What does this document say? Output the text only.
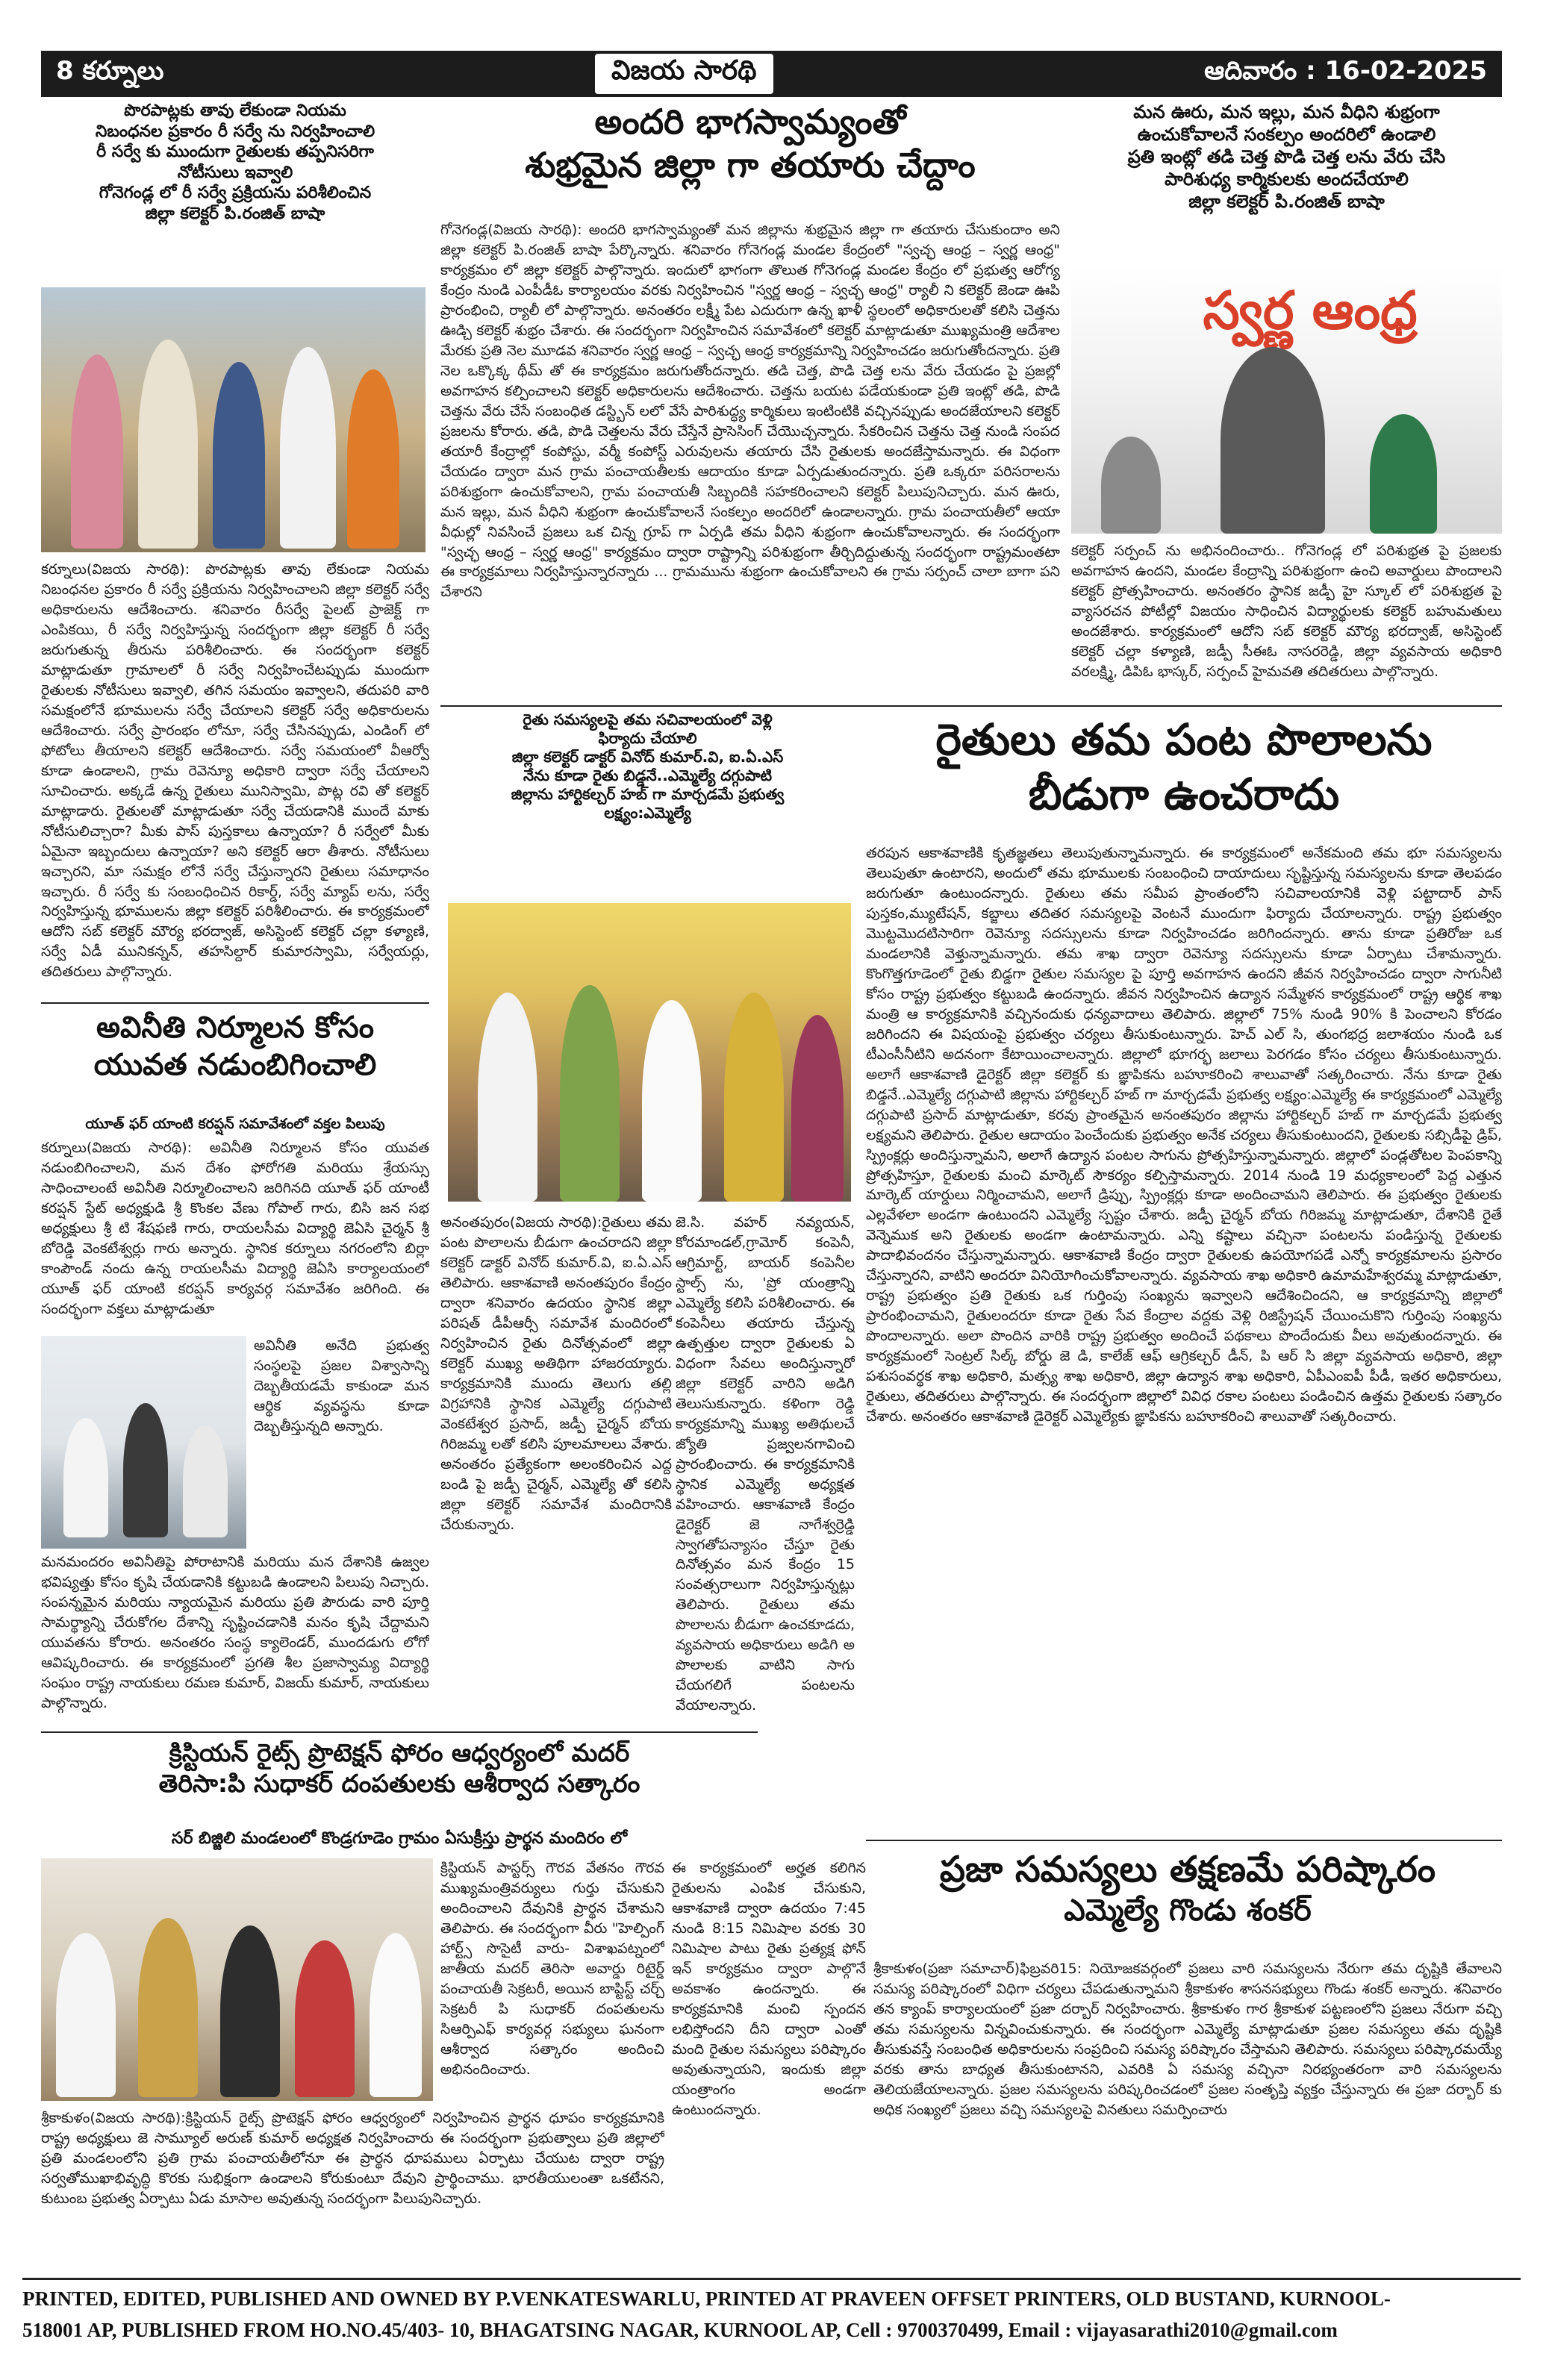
8 కర్నూలు	విజయ సారథి	ఆదివారం : 16-02-2025
పొరపాట్లకు తావు లేకుండా నియమ
నిబంధనల ప్రకారం రీ సర్వే ను నిర్వహించాలి
రీ సర్వే కు ముందుగా రైతులకు తప్పనిసరిగా
నోటీసులు ఇవ్వాలి
గోనెగండ్ల లో రీ సర్వే ప్రక్రియను పరిశీలించిన
జిల్లా కలెక్టర్ పి.రంజిత్ బాషా
కర్నూలు(విజయ సారథి): పొరపాట్లకు తావు లేకుండా నియమ నిబంధనల ప్రకారం రీ సర్వే ప్రక్రియను నిర్వహించాలని జిల్లా కలెక్టర్ సర్వే అధికారులను ఆదేశించారు. శనివారం రీసర్వే పైలట్ ప్రాజెక్ట్ గా ఎంపికయి, రీ సర్వే నిర్వహిస్తున్న సందర్భంగా జిల్లా కలెక్టర్ రీ సర్వే జరుగుతున్న తీరును పరిశీలించారు. ఈ సందర్భంగా కలెక్టర్ మాట్లాడుతూ గ్రామాలలో రీ సర్వే నిర్వహించేటప్పుడు ముందుగా రైతులకు నోటీసులు ఇవ్వాలి, తగిన సమయం ఇవ్వాలని, తదుపరి వారి సమక్షంలోనే భూములను సర్వే చేయాలని కలెక్టర్ సర్వే అధికారులను ఆదేశించారు. సర్వే ప్రారంభం లోనూ, సర్వే చేసినప్పుడు, ఎండింగ్ లో ఫోటోలు తీయాలని కలెక్టర్ ఆదేశించారు. సర్వే సమయంలో వీఆర్వో కూడా ఉండాలని, గ్రామ రెవెన్యూ అధికారి ద్వారా సర్వే చేయాలని సూచించారు. అక్కడే ఉన్న రైతులు మునిస్వామి, పొట్ల రవి తో కలెక్టర్ మాట్లాడారు. రైతులతో మాట్లాడుతూ సర్వే చేయడానికి ముందే మాకు నోటీసులిచ్చారా? మీకు పాస్ పుస్తకాలు ఉన్నాయా? రీ సర్వేలో మీకు ఏమైనా ఇబ్బందులు ఉన్నాయా? అని కలెక్టర్ ఆరా తీశారు. నోటీసులు ఇచ్చారని, మా సమక్షం లోనే సర్వే చేస్తున్నారని రైతులు సమాధానం ఇచ్చారు. రీ సర్వే కు సంబంధించిన రికార్డ్, సర్వే మ్యాప్ లను, సర్వే నిర్వహిస్తున్న భూములను జిల్లా కలెక్టర్ పరిశీలించారు. ఈ కార్యక్రమంలో ఆదోని సబ్ కలెక్టర్ మౌర్య భరద్వాజ్, అసిస్టెంట్ కలెక్టర్ చల్లా కళ్యాణి, సర్వే ఏడీ మునికన్నన్, తహసిల్దార్ కుమారస్వామి, సర్వేయర్లు, తదితరులు పాల్గొన్నారు.
అవినీతి నిర్మూలన కోసం
యువత నడుంబిగించాలి
యూత్ ఫర్ యాంటి కరప్షన్ సమావేశంలో వక్తల పిలుపు
కర్నూలు(విజయ సారథి): అవినీతి నిర్మూలన కోసం యువత నడుంబిగించాలని, మన దేశం ఫోరోగతి మరియు శ్రేయస్సు సాధించాలంటే అవినీతి నిర్మూలించాలని జరిగినది యూత్ ఫర్ యాంటీ కరప్షన్ స్టేట్ అధ్యక్షుడి శ్రీ కొంకల వేణు గోపాల్ గారు, బిసి జన సభ అధ్యక్షులు శ్రీ టి శేషఫణి గారు, రాయలసీమ విద్యార్థి జెఏసి చైర్మన్ శ్రీ బోరెడ్డి వెంకటేశ్వర్లు గారు అన్నారు. స్థానిక కర్నూలు నగరంలోని బిర్లా కాంపౌండ్ నందు ఉన్న రాయలసీమ విద్యార్థి జెఏసి కార్యాలయంలో యూత్ ఫర్ యాంటి కరప్షన్ కార్యవర్గ సమావేశం జరిగింది. ఈ సందర్భంగా వక్తలు మాట్లాడుతూ
అవినీతి అనేది ప్రభుత్వ సంస్థలపై ప్రజల విశ్వాసాన్ని దెబ్బతీయడమే కాకుండా మన ఆర్థిక వ్యవస్థను కూడా దెబ్బతీస్తున్నది అన్నారు.
మనమందరం అవినీతిపై పోరాటానికి మరియు మన దేశానికి ఉజ్వల భవిష్యత్తు కోసం కృషి చేయడానికి కట్టుబడి ఉండాలని పిలుపు నిచ్చారు. సంపన్నమైన మరియు న్యాయమైన మరియు ప్రతి పౌరుడు వారి పూర్తి సామర్థ్యాన్ని చేరుకోగల దేశాన్ని సృష్టించడానికి మనం కృషి చేద్దామని యువతను కోరారు. అనంతరం సంస్థ క్యాలెండర్, ముందడుగు లోగో ఆవిష్కరించారు. ఈ కార్యక్రమంలో ప్రగతి శీల ప్రజాస్వామ్య విద్యార్థి సంఘం రాష్ట్ర నాయకులు రమణ కుమార్, విజయ్ కుమార్, నాయకులు పాల్గొన్నారు.
క్రిస్టియన్ రైట్స్ ప్రొటెక్షన్ ఫోరం ఆధ్వర్యంలో మదర్
తెరిసా:పి సుధాకర్ దంపతులకు ఆశీర్వాద సత్కారం
సర్ బిజ్జిలి మండలంలో కొండ్రగూడెం గ్రామం ఏసుక్రీస్తు ప్రార్థన మందిరం లో
క్రిస్టియన్ పాస్టర్స్ గౌరవ వేతనం గౌరవ ముఖ్యమంత్రివర్యులు గుర్తు చేసుకుని అందించాలని దేవునికి ప్రార్థన చేశామని తెలిపారు. ఈ సందర్భంగా వీరు "హెల్పింగ్ హార్ట్స్ సొసైటీ వారు- విశాఖపట్నంలో జాతీయ మదర్ తెరిసా అవార్డు రిటైర్డ్ పంచాయతీ సెక్రటరీ, అయిన బాప్టిస్ట్ చర్చ్ సెక్రటరీ పి సుధాకర్ దంపతులను సిఆర్పిఎఫ్ కార్యవర్గ సభ్యులు ఘనంగా ఆశీర్వాద సత్కారం అందించి అభినందించారు.
శ్రీకాకుళం(విజయ సారథి):క్రిస్టియన్ రైట్స్ ప్రొటెక్షన్ ఫోరం ఆధ్వర్యంలో నిర్వహించిన ప్రార్థన ధూపం కార్యక్రమానికి రాష్ట్ర అధ్యక్షులు జె సామ్యూల్ అరుణ్ కుమార్ అధ్యక్షత నిర్వహించారు ఈ సందర్భంగా ప్రభుత్వాలు ప్రతి జిల్లాలో ప్రతి మండలంలోని ప్రతి గ్రామ పంచాయతీలోనూ ఈ ప్రార్థన ధూపములు ఏర్పాటు చేయుట ద్వారా రాష్ట్ర సర్వతోముఖాభివృద్ధి కొరకు సుభిక్షంగా ఉండాలని కోరుకుంటూ దేవుని ప్రార్థించాము. భారతీయులంతా ఒకటేనని, కుటుంబ ప్రభుత్వ ఏర్పాటు ఏడు మాసాల అవుతున్న సందర్భంగా పిలుపునిచ్చారు.
అందరి భాగస్వామ్యంతో
శుభ్రమైన జిల్లా గా తయారు చేద్దాం
గోనెగండ్ల(విజయ సారథి): అందరి భాగస్వామ్యంతో మన జిల్లాను శుభ్రమైన జిల్లా గా తయారు చేసుకుందాం అని జిల్లా కలెక్టర్ పి.రంజిత్ బాషా పేర్కొన్నారు. శనివారం గోనెగండ్ల మండల కేంద్రంలో "స్వచ్ఛ ఆంధ్ర – స్వర్ణ ఆంధ్ర" కార్యక్రమం లో జిల్లా కలెక్టర్ పాల్గొన్నారు. ఇందులో భాగంగా తొలుత గోనెగండ్ల మండల కేంద్రం లో ప్రభుత్వ ఆరోగ్య కేంద్రం నుండి ఎంపీడీఓ కార్యాలయం వరకు నిర్వహించిన "స్వర్ణ ఆంధ్ర – స్వచ్ఛ ఆంధ్ర" ర్యాలీ ని కలెక్టర్ జెండా ఊపి ప్రారంభించి, ర్యాలీ లో పాల్గొన్నారు. అనంతరం లక్ష్మీ పేట ఎదురుగా ఉన్న ఖాళీ స్థలంలో అధికారులతో కలిసి చెత్తను ఊడ్చి కలెక్టర్ శుభ్రం చేశారు. ఈ సందర్భంగా నిర్వహించిన సమావేశంలో కలెక్టర్ మాట్లాడుతూ ముఖ్యమంత్రి ఆదేశాల మేరకు ప్రతి నెల మూడవ శనివారం స్వర్ణ ఆంధ్ర – స్వచ్ఛ ఆంధ్ర కార్యక్రమాన్ని నిర్వహించడం జరుగుతోందన్నారు. ప్రతి నెల ఒక్కొక్క థీమ్ తో ఈ కార్యక్రమం జరుగుతోందన్నారు. తడి చెత్త, పొడి చెత్త లను వేరు చేయడం పై ప్రజల్లో అవగాహన కల్పించాలని కలెక్టర్ అధికారులను ఆదేశించారు. చెత్తను బయట పడేయకుండా ప్రతి ఇంట్లో తడి, పొడి చెత్తను వేరు చేసే సంబంధిత డస్ట్బిన్ లలో వేసే పారిశుద్ధ్య కార్మికులు ఇంటింటికి వచ్చినప్పుడు అందజేయాలని కలెక్టర్ ప్రజలను కోరారు. తడి, పొడి చెత్తలను వేరు చేస్తేనే ప్రాసెసింగ్ చేయొచ్చన్నారు. సేకరించిన చెత్తను చెత్త నుండి సంపద తయారీ కేంద్రాల్లో కంపోస్టు, వర్మీ కంపోస్ట్ ఎరువులను తయారు చేసి రైతులకు అందజేస్తామన్నారు. ఈ విధంగా చేయడం ద్వారా మన గ్రామ పంచాయతీలకు ఆదాయం కూడా ఏర్పడుతుందన్నారు. ప్రతి ఒక్కరూ పరిసరాలను పరిశుభ్రంగా ఉంచుకోవాలని, గ్రామ పంచాయతీ సిబ్బందికి సహకరించాలని కలెక్టర్ పిలుపునిచ్చారు. మన ఊరు, మన ఇల్లు, మన వీధిని శుభ్రంగా ఉంచుకోవాలనే సంకల్పం అందరిలో ఉండాలన్నారు. గ్రామ పంచాయతీలో ఆయా వీధుల్లో నివసించే ప్రజలు ఒక చిన్న గ్రూప్ గా ఏర్పడి తమ వీధిని శుభ్రంగా ఉంచుకోవాలన్నారు. ఈ సందర్భంగా "స్వచ్ఛ ఆంధ్ర – స్వర్ణ ఆంధ్ర" కార్యక్రమం ద్వారా రాష్ట్రాన్ని పరిశుభ్రంగా తీర్చిదిద్దుతున్న సందర్భంగా రాష్ట్రమంతటా ఈ కార్యక్రమాలు నిర్వహిస్తున్నారన్నారు ... గ్రామమును శుభ్రంగా ఉంచుకోవాలని ఈ గ్రామ సర్పంచ్ చాలా బాగా పని చేశారని
రైతు సమస్యలపై తమ సచివాలయంలో వెళ్లి
ఫిర్యాదు చేయాలి
జిల్లా కలెక్టర్ డాక్టర్ వినోద్ కుమార్.వి, ఐ.ఏ.ఎస్
నేను కూడా రైతు బిడ్డనే..ఎమ్మెల్యే దగ్గుపాటి
జిల్లాను హార్టికల్చర్ హబ్ గా మార్చడమే ప్రభుత్వ
లక్ష్యం:ఎమ్మెల్యే
అనంతపురం(విజయ సారథి):రైతులు తమ పంట పొలాలను బీడుగా ఉంచరాదని జిల్లా కలెక్టర్ డాక్టర్ వినోద్ కుమార్.వి, ఐ.ఏ.ఎస్ తెలిపారు. ఆకాశవాణి అనంతపురం కేంద్రం ద్వారా శనివారం ఉదయం స్థానిక జిల్లా పరిషత్ డీపీఆర్సీ సమావేశ మందిరంలో నిర్వహించిన రైతు దినోత్సవంలో జిల్లా కలెక్టర్ ముఖ్య అతిథిగా హాజరయ్యారు. కార్యక్రమానికి ముందు తెలుగు తల్లి విగ్రహానికి స్థానిక ఎమ్మెల్యే దగ్గుపాటి వెంకటేశ్వర ప్రసాద్, జడ్పీ చైర్మన్ బోయ గిరిజమ్మ లతో కలిసి పూలమాలలు వేశారు. అనంతరం ప్రత్యేకంగా అలంకరించిన ఎద్ద బండి పై జడ్పీ చైర్మన్, ఎమ్మెల్యే తో కలిసి జిల్లా కలెక్టర్ సమావేశ మందిరానికి చేరుకున్నారు.
జె.సి. వహర్ నవ్యయన్, కోరమాండల్,గ్రామోర్ కంపెనీ, ఆగ్రిమార్ట్, బాయర్ కంపెనీల స్టాల్స్ ను, 'ప్రో యంత్రాన్ని ఎమ్మెల్యే కలిసి పరిశీలించారు. ఈ కంపెనీలు తయారు చేస్తున్న ఉత్పత్తుల ద్వారా రైతులకు ఏ విధంగా సేవలు అందిస్తున్నారో జిల్లా కలెక్టర్ వారిని అడిగి తెలుసుకున్నారు. కళింగా రెడ్డి కార్యక్రమాన్ని ముఖ్య అతిథులచే జ్యోతి ప్రజ్వలనగావించి ప్రారంభించారు. ఈ కార్యక్రమానికి స్థానిక ఎమ్మెల్యే అధ్యక్షత వహించారు. ఆకాశవాణి కేంద్రం డైరెక్టర్ జె నాగేశ్వర్రెడ్డి స్వాగతోపన్యాసం చేస్తూ రైతు దినోత్సవం మన కేంద్రం 15 సంవత్సరాలుగా నిర్వహిస్తున్నట్లు తెలిపారు. రైతులు తమ పొలాలను బీడుగా ఉంచకూడదు, వ్యవసాయ అధికారులు అడిగి అ పొలాలకు వాటిని సాగు చేయగలిగే పంటలను వేయాలన్నారు.
ఈ కార్యక్రమంలో అర్హత కలిగిన రైతులను ఎంపిక చేసుకుని, ఆకాశవాణి ద్వారా ఉదయం 7:45 నుండి 8:15 నిమిషాల వరకు 30 నిమిషాల పాటు రైతు ప్రత్యక్ష ఫోన్ ఇన్ కార్యక్రమం ద్వారా పాల్గొనే అవకాశం ఉందన్నారు. ఈ కార్యక్రమానికి మంచి స్పందన లభిస్తోందని దీని ద్వారా ఎంతో మంది రైతుల సమస్యలు పరిష్కారం అవుతున్నాయని, ఇందుకు జిల్లా యంత్రాంగం అండగా ఉంటుందన్నారు.
మన ఊరు, మన ఇల్లు, మన వీధిని శుభ్రంగా
ఉంచుకోవాలనే సంకల్పం అందరిలో ఉండాలి
ప్రతి ఇంట్లో తడి చెత్త పొడి చెత్త లను వేరు చేసి
పారిశుధ్య కార్మికులకు అందచేయాలి
జిల్లా కలెక్టర్ పి.రంజిత్ బాషా
స్వర్ణ ఆంధ్ర
కలెక్టర్ సర్పంచ్ ను అభినందించారు.. గోనెగండ్ల లో పరిశుభ్రత పై ప్రజలకు అవగాహన ఉందని, మండల కేంద్రాన్ని పరిశుభ్రంగా ఉంచి అవార్డులు పొందాలని కలెక్టర్ ప్రోత్సహించారు. అనంతరం స్థానిక జడ్పీ హై స్కూల్ లో పరిశుభ్రత పై వ్యాసరచన పోటీల్లో విజయం సాధించిన విద్యార్థులకు కలెక్టర్ బహుమతులు అందజేశారు. కార్యక్రమంలో ఆదోని సబ్ కలెక్టర్ మౌర్య భరద్వాజ్, అసిస్టెంట్ కలెక్టర్ చల్లా కళ్యాణి, జడ్పీ సీఈఓ నాసరరెడ్డి, జిల్లా వ్యవసాయ అధికారి వరలక్ష్మి, డిపిఓ భాస్కర్, సర్పంచ్ హైమవతి తదితరులు పాల్గొన్నారు.
రైతులు తమ పంట పొలాలను
బీడుగా ఉంచరాదు
తరపున ఆకాశవాణికి కృతజ్ఞతలు తెలుపుతున్నామన్నారు. ఈ కార్యక్రమంలో అనేకమంది తమ భూ సమస్యలను తెలుపుతూ ఉంటారని, అందులో తమ భూములకు సంబంధించి దాయాదులు సృష్టిస్తున్న సమస్యలను కూడా తెలపడం జరుగుతూ ఉంటుందన్నారు. రైతులు తమ సమీప ప్రాంతంలోని సచివాలయానికి వెళ్లి పట్టాదార్ పాస్ పుస్తకం,మ్యుటేషన్, కబ్జాలు తదితర సమస్యలపై వెంటనే ముందుగా ఫిర్యాదు చేయాలన్నారు. రాష్ట్ర ప్రభుత్వం మొట్టమొదటిసారిగా రెవెన్యూ సదస్సులను కూడా నిర్వహించడం జరిగిందన్నారు. తాను కూడా ప్రతిరోజు ఒక మండలానికి వెళ్తున్నామన్నారు. తమ శాఖ ద్వారా రెవెన్యూ సదస్సులను కూడా ఏర్పాటు చేశామన్నారు. కొంగొత్తగూడెంలో రైతు బిడ్డగా రైతుల సమస్యల పై పూర్తి అవగాహన ఉందని జీవన నిర్వహించడం ద్వారా సాగునీటి కోసం రాష్ట్ర ప్రభుత్వం కట్టుబడి ఉందన్నారు. జీవన నిర్వహించిన ఉద్యాన సమ్మేళన కార్యక్రమంలో రాష్ట్ర ఆర్థిక శాఖ మంత్రి ఆ కార్యక్రమానికి వచ్చినందుకు ధన్యవాదాలు తెలిపారు. జిల్లాలో 75% నుండి 90% కి పెంచాలని కోరడం జరిగిందని ఈ విషయంపై ప్రభుత్వం చర్యలు తీసుకుంటున్నారు. హెచ్ ఎల్ సి, తుంగభద్ర జలాశయం నుండి ఒక టీఎంసీనీటిని అదనంగా కేటాయించాలన్నారు. జిల్లాలో భూగర్భ జలాలు పెరగడం కోసం చర్యలు తీసుకుంటున్నారు. అలాగే ఆకాశవాణి డైరెక్టర్ జిల్లా కలెక్టర్ కు ఙ్ఞాపికను బహూకరించి శాలువాతో సత్కరించారు. నేను కూడా రైతు బిడ్డనే..ఎమ్మెల్యే దగ్గుపాటి జిల్లాను హార్టికల్చర్ హబ్ గా మార్చడమే ప్రభుత్వ లక్ష్యం:ఎమ్మెల్యే ఈ కార్యక్రమంలో ఎమ్మెల్యే దగ్గుపాటి ప్రసాద్ మాట్లాడుతూ, కరవు ప్రాంతమైన అనంతపురం జిల్లాను హార్టికల్చర్ హబ్ గా మార్చడమే ప్రభుత్వ లక్ష్యమని తెలిపారు. రైతుల ఆదాయం పెంచేందుకు ప్రభుత్వం అనేక చర్యలు తీసుకుంటుందని, రైతులకు సబ్సిడీపై డ్రిప్, స్ప్రింక్లర్లు అందిస్తున్నామని, అలాగే ఉద్యాన పంటల సాగును ప్రోత్సహిస్తున్నామన్నారు. జిల్లాలో పండ్లతోటల పెంపకాన్ని ప్రోత్సహిస్తూ, రైతులకు మంచి మార్కెట్ సౌకర్యం కల్పిస్తామన్నారు. 2014 నుండి 19 మధ్యకాలంలో పెద్ద ఎత్తున మార్కెట్ యార్డులు నిర్మించామని, అలాగే డ్రిప్పు, స్ప్రింక్లర్లు కూడా అందించామని తెలిపారు. ఈ ప్రభుత్వం రైతులకు ఎల్లవేళలా అండగా ఉంటుందని ఎమ్మెల్యే స్పష్టం చేశారు. జడ్పీ చైర్మన్ బోయ గిరిజమ్మ మాట్లాడుతూ, దేశానికి రైతే వెన్నెముక అని రైతులకు అండగా ఉంటామన్నారు. ఎన్ని కష్టాలు వచ్చినా పంటలను పండిస్తున్న రైతులకు పాదాభివందనం చేస్తున్నామన్నారు. ఆకాశవాణి కేంద్రం ద్వారా రైతులకు ఉపయోగపడే ఎన్నో కార్యక్రమాలను ప్రసారం చేస్తున్నారని, వాటిని అందరూ వినియోగించుకోవాలన్నారు. వ్యవసాయ శాఖ అధికారి ఉమామహేశ్వరమ్మ మాట్లాడుతూ, రాష్ట్ర ప్రభుత్వం ప్రతి రైతుకు ఒక గుర్తింపు సంఖ్యను ఇవ్వాలని ఆదేశించిందని, ఆ కార్యక్రమాన్ని జిల్లాలో ప్రారంభించామని, రైతులందరూ కూడా రైతు సేవ కేంద్రాల వద్దకు వెళ్లి రిజిస్ట్రేషన్ చేయించుకొని గుర్తింపు సంఖ్యను పొందాలన్నారు. అలా పొందిన వారికి రాష్ట్ర ప్రభుత్వం అందించే పథకాలు పొందేందుకు వీలు అవుతుందన్నారు. ఈ కార్యక్రమంలో సెంట్రల్ సిల్క్ బోర్డు జె డి, కాలేజ్ ఆఫ్ ఆగ్రికల్చర్ డీన్, పి ఆర్ సి జిల్లా వ్యవసాయ అధికారి, జిల్లా పశుసంవర్థక శాఖ అధికారి, మత్స్య శాఖ అధికారి, జిల్లా ఉద్యాన శాఖ అధికారి, ఏపీఎంఐపీ పీడీ, ఇతర అధికారులు, రైతులు, తదితరులు పాల్గొన్నారు. ఈ సందర్భంగా జిల్లాలో వివిధ రకాల పంటలు పండించిన ఉత్తమ రైతులకు సత్కారం చేశారు. అనంతరం ఆకాశవాణి డైరెక్టర్ ఎమ్మెల్యేకు ఙ్ఞాపికను బహూకరించి శాలువాతో సత్కరించారు.
ప్రజా సమస్యలు తక్షణమే పరిష్కారం
ఎమ్మెల్యే గొండు శంకర్
శ్రీకాకుళం(ప్రజా సమాచార్)ఫిబ్రవరి15: నియోజకవర్గంలో ప్రజలు వారి సమస్యలను నేరుగా తమ దృష్టికి తేవాలని సమస్య పరిష్కారంలో విధిగా చర్యలు చేపడుతున్నామని శ్రీకాకుళం శాసనసభ్యులు గొండు శంకర్ అన్నారు. శనివారం తన క్యాంప్ కార్యాలయంలో ప్రజా దర్బార్ నిర్వహించారు. శ్రీకాకుళం గార శ్రీకాకుళ పట్టణంలోని ప్రజలు నేరుగా వచ్చి తమ సమస్యలను విన్నవించుకున్నారు. ఈ సందర్భంగా ఎమ్మెల్యే మాట్లాడుతూ ప్రజల సమస్యలు తమ దృష్టికి తీసుకువస్తే సంబంధిత అధికారులను సంప్రదించి సమస్య పరిష్కారం చేస్తామని తెలిపారు. సమస్యలు పరిష్కారమయ్యే వరకు తాను బాధ్యత తీసుకుంటానని, ఎవరికి ఏ సమస్య వచ్చినా నిరభ్యంతరంగా వారి సమస్యలను తెలియజేయాలన్నారు. ప్రజల సమస్యలను పరిష్కరించడంలో ప్రజల సంతృప్తి వ్యక్తం చేస్తున్నారు ఈ ప్రజా దర్బార్ కు అధిక సంఖ్యలో ప్రజలు వచ్చి సమస్యలపై వినతులు సమర్పించారు
PRINTED, EDITED, PUBLISHED AND OWNED BY P.VENKATESWARLU, PRINTED AT PRAVEEN OFFSET PRINTERS, OLD BUSTAND, KURNOOL-
518001 AP, PUBLISHED FROM HO.NO.45/403- 10, BHAGATSING NAGAR, KURNOOL AP, Cell : 9700370499, Email : vijayasarathi2010@gmail.com
